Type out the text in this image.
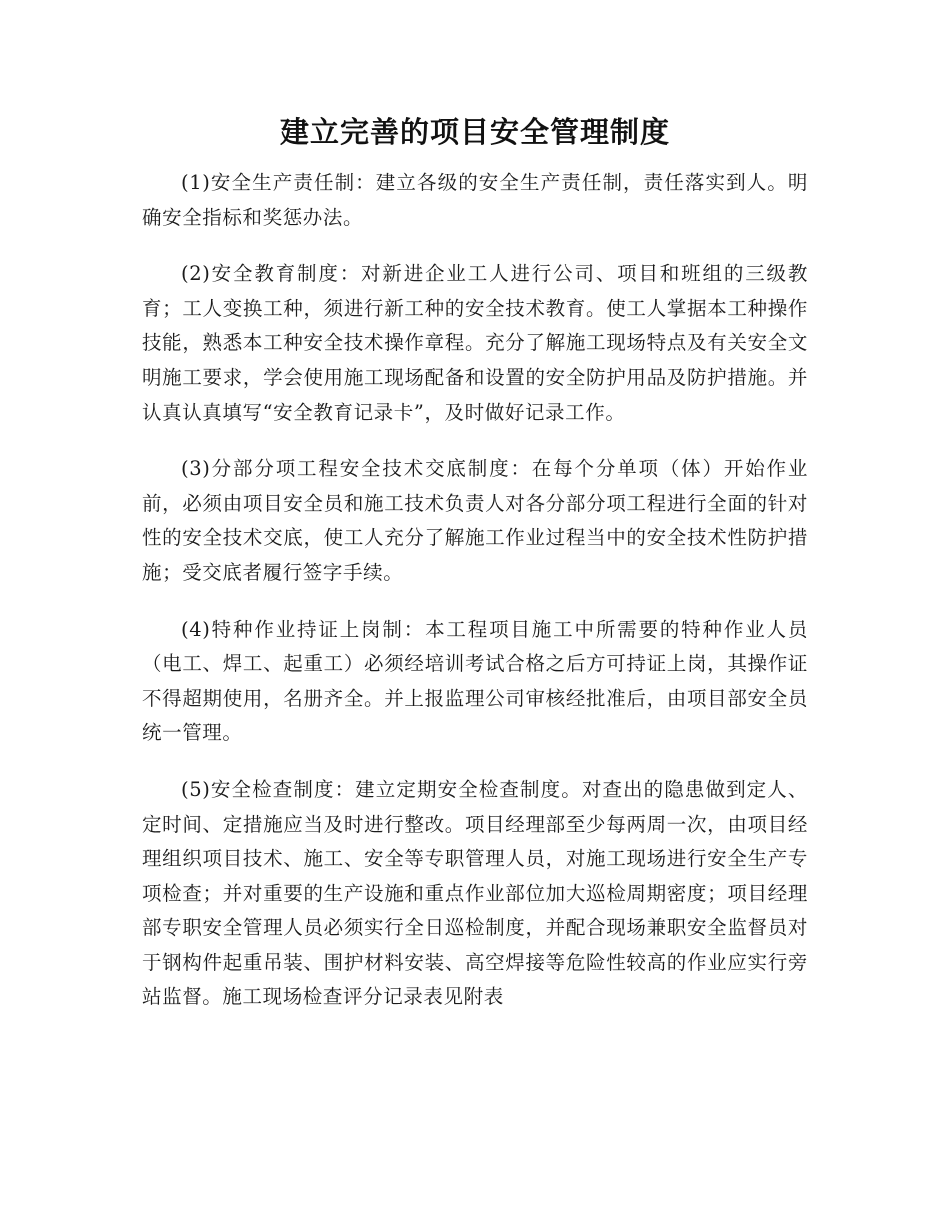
建立完善的项目安全管理制度

(1)安全生产责任制：建立各级的安全生产责任制，责任落实到人。明确安全指标和奖惩办法。

(2)安全教育制度：对新进企业工人进行公司、项目和班组的三级教育；工人变换工种，须进行新工种的安全技术教育。使工人掌据本工种操作技能，熟悉本工种安全技术操作章程。充分了解施工现场特点及有关安全文明施工要求，学会使用施工现场配备和设置的安全防护用品及防护措施。并认真认真填写“安全教育记录卡”，及时做好记录工作。

(3)分部分项工程安全技术交底制度：在每个分单项（体）开始作业前，必须由项目安全员和施工技术负责人对各分部分项工程进行全面的针对性的安全技术交底，使工人充分了解施工作业过程当中的安全技术性防护措施；受交底者履行签字手续。

(4)特种作业持证上岗制：本工程项目施工中所需要的特种作业人员（电工、焊工、起重工）必须经培训考试合格之后方可持证上岗，其操作证不得超期使用，名册齐全。并上报监理公司审核经批准后，由项目部安全员统一管理。

(5)安全检查制度：建立定期安全检查制度。对查出的隐患做到定人、定时间、定措施应当及时进行整改。项目经理部至少每两周一次，由项目经理组织项目技术、施工、安全等专职管理人员，对施工现场进行安全生产专项检查；并对重要的生产设施和重点作业部位加大巡检周期密度；项目经理部专职安全管理人员必须实行全日巡检制度，并配合现场兼职安全监督员对于钢构件起重吊装、围护材料安装、高空焊接等危险性较高的作业应实行旁站监督。施工现场检查评分记录表见附表
